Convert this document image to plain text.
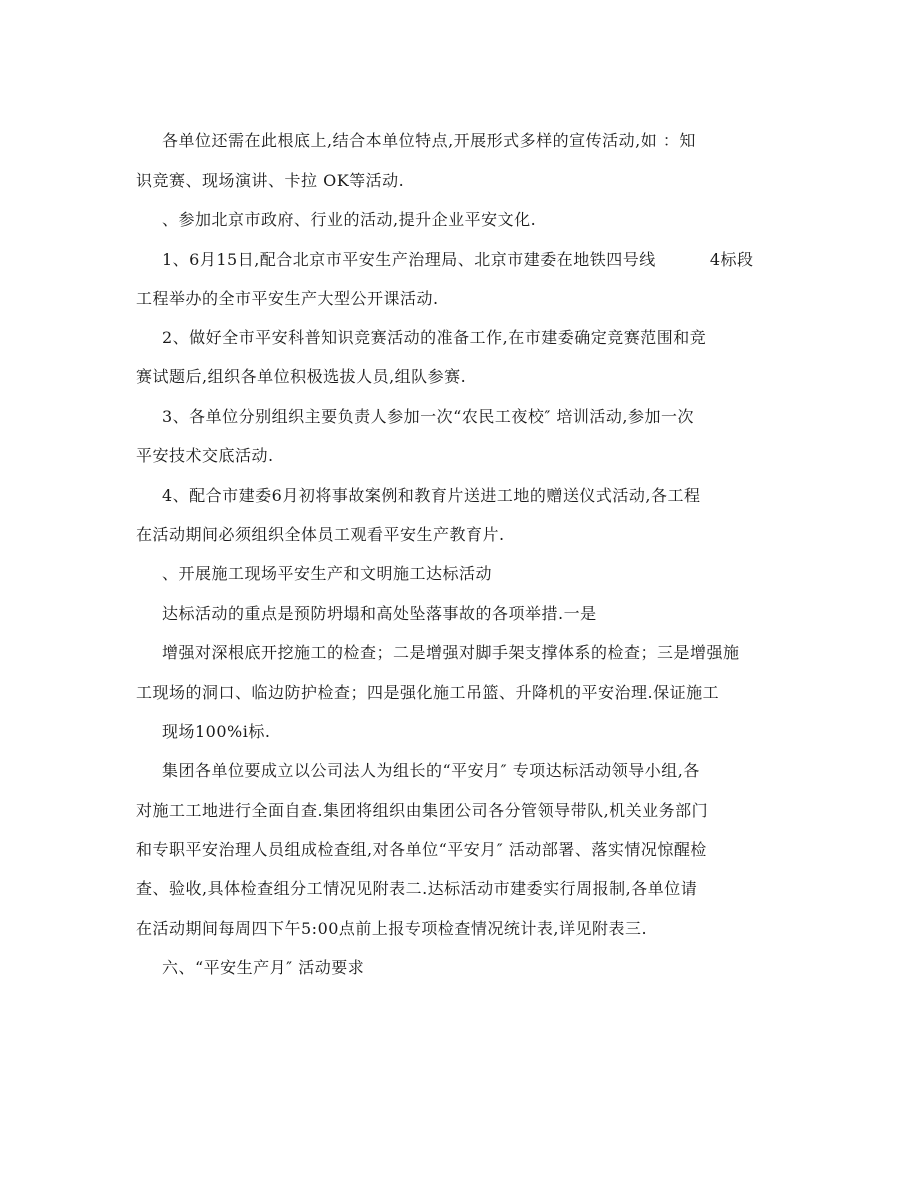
各单位还需在此根底上,结合本单位特点,开展形式多样的宣传活动,如 ：知
识竞赛、现场演讲、卡拉 OK等活动.
、参加北京市政府、行业的活动,提升企业平安文化.
1、6月15日,配合北京市平安生产治理局、北京市建委在地铁四号线	4标段
工程举办的全市平安生产大型公开课活动.
2、做好全市平安科普知识竞赛活动的准备工作,在市建委确定竞赛范围和竞
赛试题后,组织各单位积极选拔人员,组队参赛.
3、各单位分别组织主要负责人参加一次“农民工夜校″ 培训活动,参加一次
平安技术交底活动.
4、配合市建委6月初将事故案例和教育片送进工地的赠送仪式活动,各工程
在活动期间必须组织全体员工观看平安生产教育片.
、开展施工现场平安生产和文明施工达标活动
达标活动的重点是预防坍塌和高处坠落事故的各项举措.一是
增强对深根底开挖施工的检查；二是增强对脚手架支撑体系的检查；三是增强施
工现场的洞口、临边防护检查；四是强化施工吊篮、升降机的平安治理.保证施工
现场100%i标.
集团各单位要成立以公司法人为组长的“平安月″ 专项达标活动领导小组,各
对施工工地进行全面自查.集团将组织由集团公司各分管领导带队,机关业务部门
和专职平安治理人员组成检查组,对各单位“平安月″ 活动部署、落实情况惊醒检
查、验收,具体检查组分工情况见附表二.达标活动市建委实行周报制,各单位请
在活动期间每周四下午5:00点前上报专项检查情况统计表,详见附表三.
六、“平安生产月″ 活动要求
